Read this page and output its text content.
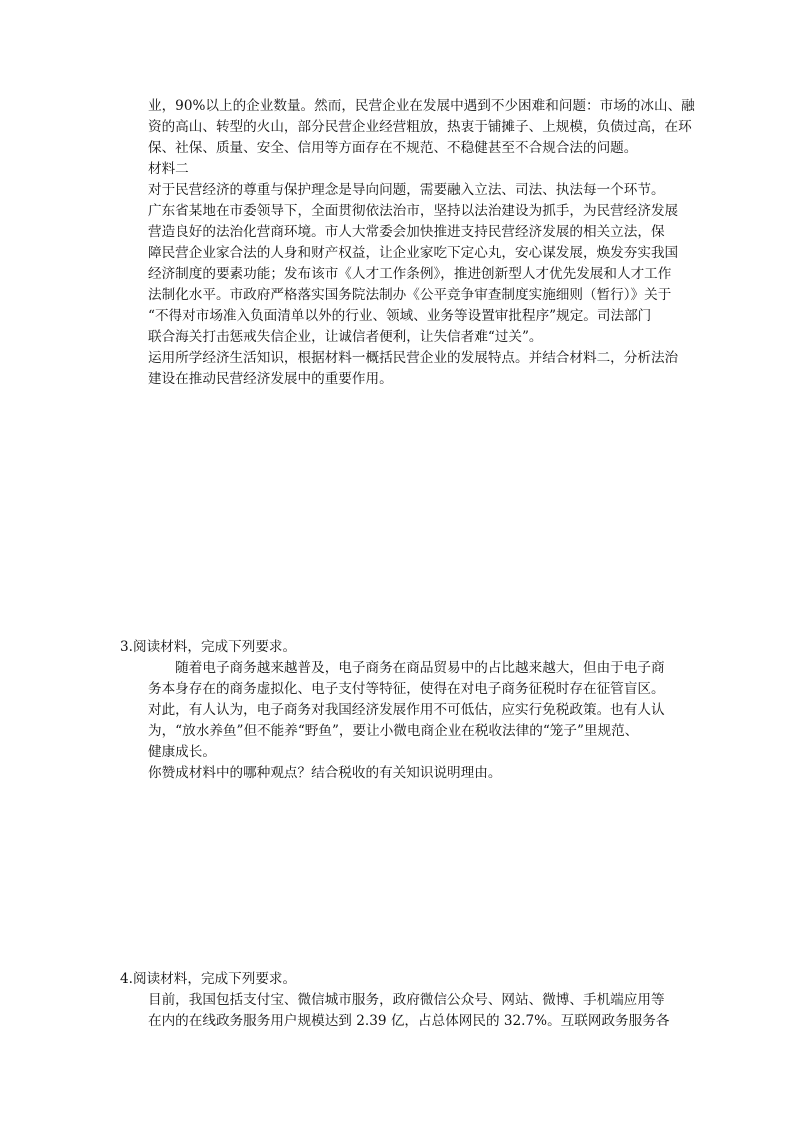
业，90%以上的企业数量。然而，民营企业在发展中遇到不少困难和问题：市场的冰山、融
资的高山、转型的火山，部分民营企业经营粗放，热衷于铺摊子、上规模，负债过高，在环
保、社保、质量、安全、信用等方面存在不规范、不稳健甚至不合规合法的问题。
材料二
对于民营经济的尊重与保护理念是导向问题，需要融入立法、司法、执法每一个环节。
广东省某地在市委领导下，全面贯彻依法治市，坚持以法治建设为抓手，为民营经济发展
营造良好的法治化营商环境。市人大常委会加快推进支持民营经济发展的相关立法，保
障民营企业家合法的人身和财产权益，让企业家吃下定心丸，安心谋发展，焕发夯实我国
经济制度的要素功能；发布该市《人才工作条例》，推进创新型人才优先发展和人才工作
法制化水平。市政府严格落实国务院法制办《公平竞争审查制度实施细则（暂行）》关于
“不得对市场准入负面清单以外的行业、领域、业务等设置审批程序”规定。司法部门
联合海关打击惩戒失信企业，让诚信者便利，让失信者难“过关”。
运用所学经济生活知识，根据材料一概括民营企业的发展特点。并结合材料二，分析法治
建设在推动民营经济发展中的重要作用。
3.阅读材料，完成下列要求。
　　随着电子商务越来越普及，电子商务在商品贸易中的占比越来越大，但由于电子商
务本身存在的商务虚拟化、电子支付等特征，使得在对电子商务征税时存在征管盲区。
对此，有人认为，电子商务对我国经济发展作用不可低估，应实行免税政策。也有人认
为，“放水养鱼”但不能养“野鱼”，要让小微电商企业在税收法律的“笼子”里规范、
健康成长。
你赞成材料中的哪种观点？结合税收的有关知识说明理由。
4.阅读材料，完成下列要求。
目前，我国包括支付宝、微信城市服务，政府微信公众号、网站、微博、手机端应用等
在内的在线政务服务用户规模达到 2.39 亿，占总体网民的 32.7%。互联网政务服务各
